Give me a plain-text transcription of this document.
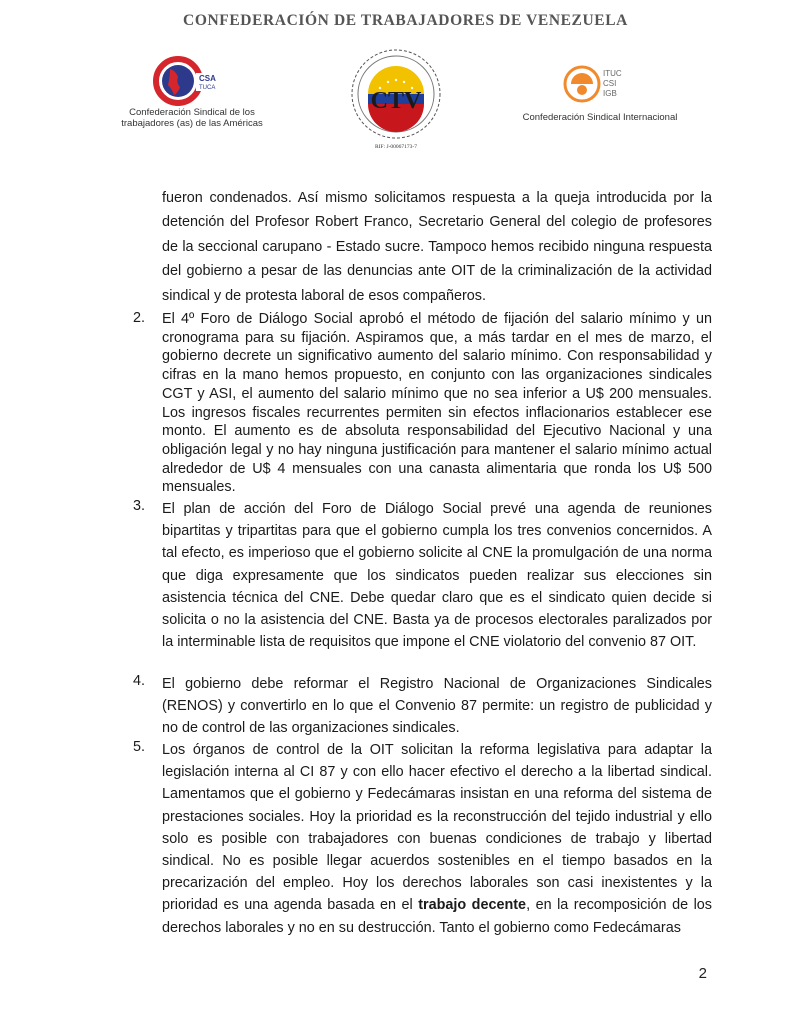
CONFEDERACIÓN DE TRABAJADORES DE VENEZUELA
CSA
TUCA
Confederación Sindical de los
trabajadores (as) de las Américas
CTV
RIF: J-00067173-7
ITUC
CSI
IGB
Confederación Sindical Internacional

fueron condenados. Así mismo solicitamos respuesta a la queja introducida por la detención del Profesor Robert Franco, Secretario General del colegio de profesores de la seccional carupano - Estado sucre. Tampoco hemos recibido ninguna respuesta del gobierno a pesar de las denuncias ante OIT de la criminalización de la actividad sindical y de protesta laboral de esos compañeros.

2. El 4º Foro de Diálogo Social aprobó el método de fijación del salario mínimo y un cronograma para su fijación. Aspiramos que, a más tardar en el mes de marzo, el gobierno decrete un significativo aumento del salario mínimo. Con responsabilidad y cifras en la mano hemos propuesto, en conjunto con las organizaciones sindicales CGT y ASI, el aumento del salario mínimo que no sea inferior a U$ 200 mensuales. Los ingresos fiscales recurrentes permiten sin efectos inflacionarios establecer ese monto. El aumento es de absoluta responsabilidad del Ejecutivo Nacional y una obligación legal y no hay ninguna justificación para mantener el salario mínimo actual alrededor de U$ 4 mensuales con una canasta alimentaria que ronda los U$ 500 mensuales.

3. El plan de acción del Foro de Diálogo Social prevé una agenda de reuniones bipartitas y tripartitas para que el gobierno cumpla los tres convenios concernidos. A tal efecto, es imperioso que el gobierno solicite al CNE la promulgación de una norma que diga expresamente que los sindicatos pueden realizar sus elecciones sin asistencia técnica del CNE. Debe quedar claro que es el sindicato quien decide si solicita o no la asistencia del CNE. Basta ya de procesos electorales paralizados por la interminable lista de requisitos que impone el CNE violatorio del convenio 87 OIT.

4. El gobierno debe reformar el Registro Nacional de Organizaciones Sindicales (RENOS) y convertirlo en lo que el Convenio 87 permite: un registro de publicidad y no de control de las organizaciones sindicales.

5. Los órganos de control de la OIT solicitan la reforma legislativa para adaptar la legislación interna al CI 87 y con ello hacer efectivo el derecho a la libertad sindical. Lamentamos que el gobierno y Fedecámaras insistan en una reforma del sistema de prestaciones sociales. Hoy la prioridad es la reconstrucción del tejido industrial y ello solo es posible con trabajadores con buenas condiciones de trabajo y libertad sindical. No es posible llegar acuerdos sostenibles en el tiempo basados en la precarización del empleo. Hoy los derechos laborales son casi inexistentes y la prioridad es una agenda basada en el trabajo decente, en la recomposición de los derechos laborales y no en su destrucción. Tanto el gobierno como Fedecámaras

2
